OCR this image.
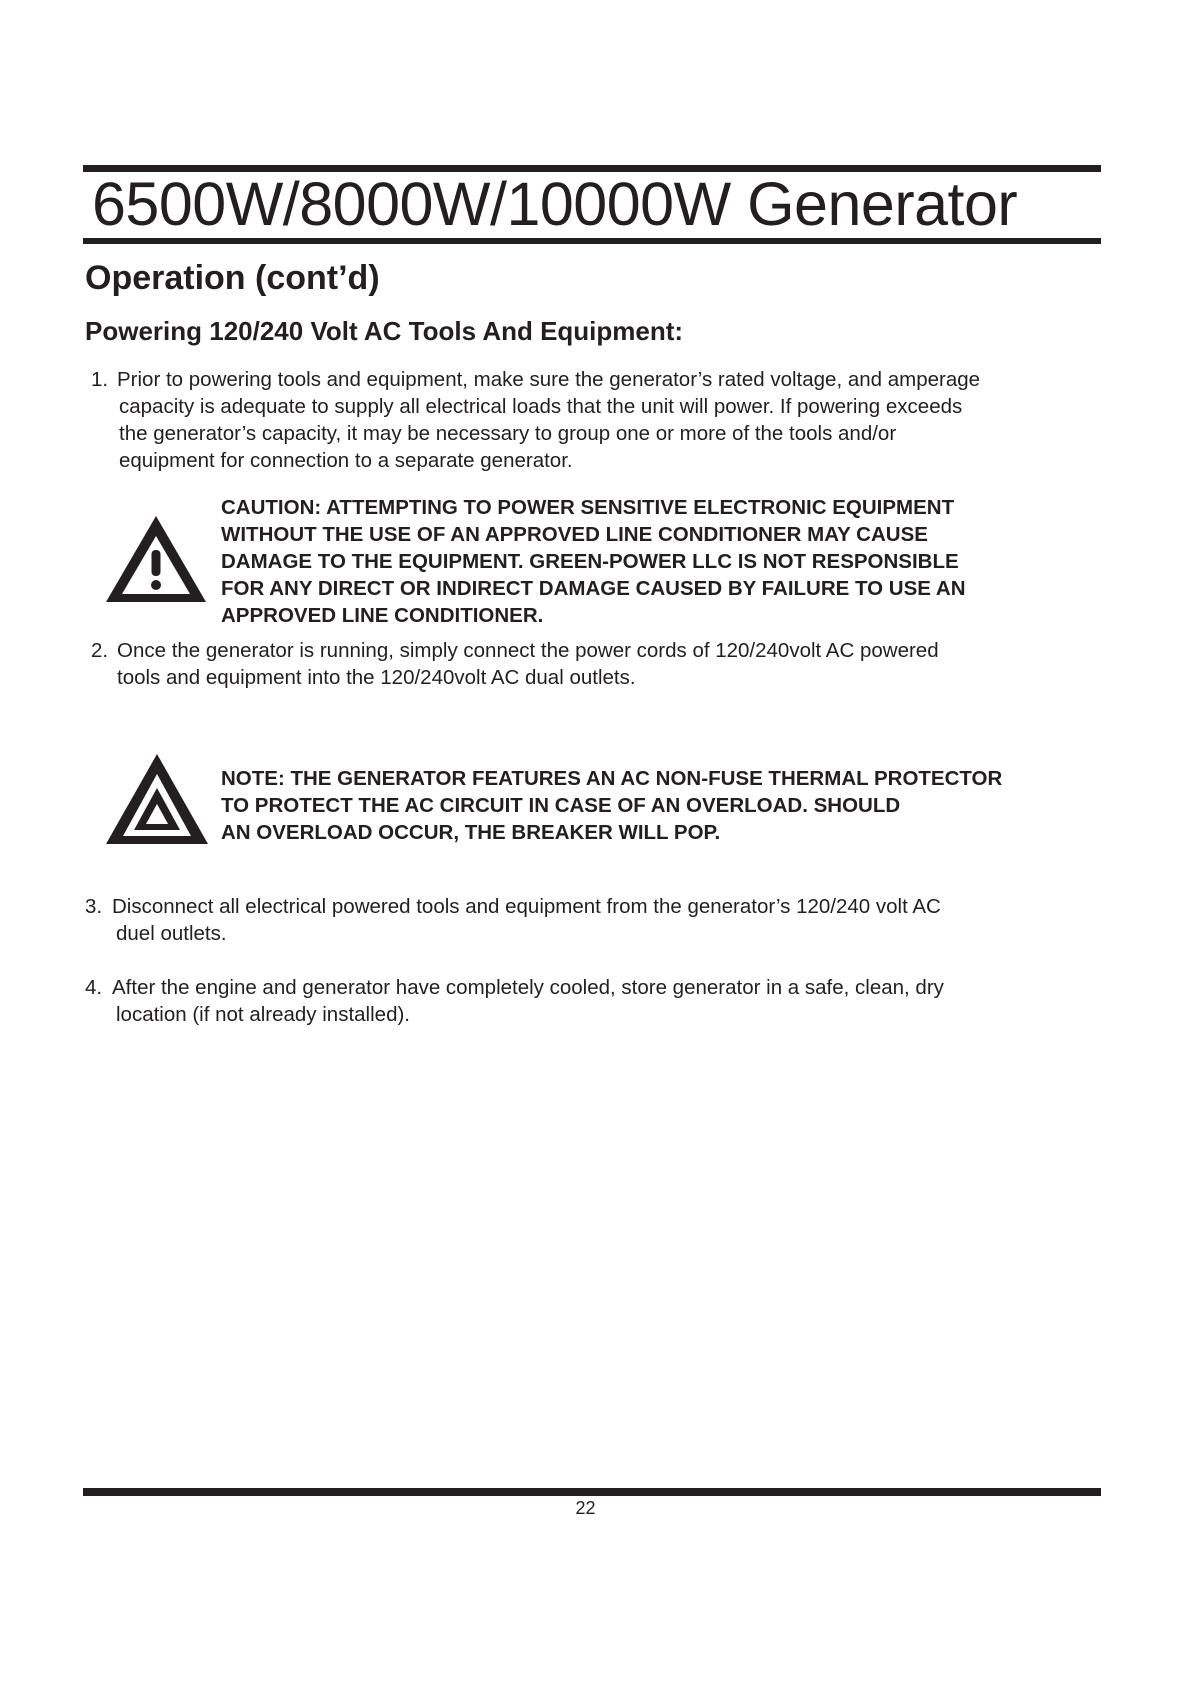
6500W/8000W/10000W Generator
Operation (cont’d)
Powering 120/240 Volt AC Tools And Equipment:
1. Prior to powering tools and equipment, make sure the generator’s rated voltage, and amperage
capacity is adequate to supply all electrical loads that the unit will power. If powering exceeds
the generator’s capacity, it may be necessary to group one or more of the tools and/or
equipment for connection to a separate generator.
CAUTION: ATTEMPTING TO POWER SENSITIVE ELECTRONIC EQUIPMENT
WITHOUT THE USE OF AN APPROVED LINE CONDITIONER MAY CAUSE
DAMAGE TO THE EQUIPMENT. GREEN-POWER LLC IS NOT RESPONSIBLE
FOR ANY DIRECT OR INDIRECT DAMAGE CAUSED BY FAILURE TO USE AN
APPROVED LINE CONDITIONER.
2. Once the generator is running, simply connect the power cords of 120/240volt AC powered
tools and equipment into the 120/240volt AC dual outlets.
NOTE: THE GENERATOR FEATURES AN AC NON-FUSE THERMAL PROTECTOR
TO PROTECT THE AC CIRCUIT IN CASE OF AN OVERLOAD. SHOULD
AN OVERLOAD OCCUR, THE BREAKER WILL POP.
3. Disconnect all electrical powered tools and equipment from the generator’s 120/240 volt AC
duel outlets.
4. After the engine and generator have completely cooled, store generator in a safe, clean, dry
location (if not already installed).
22
